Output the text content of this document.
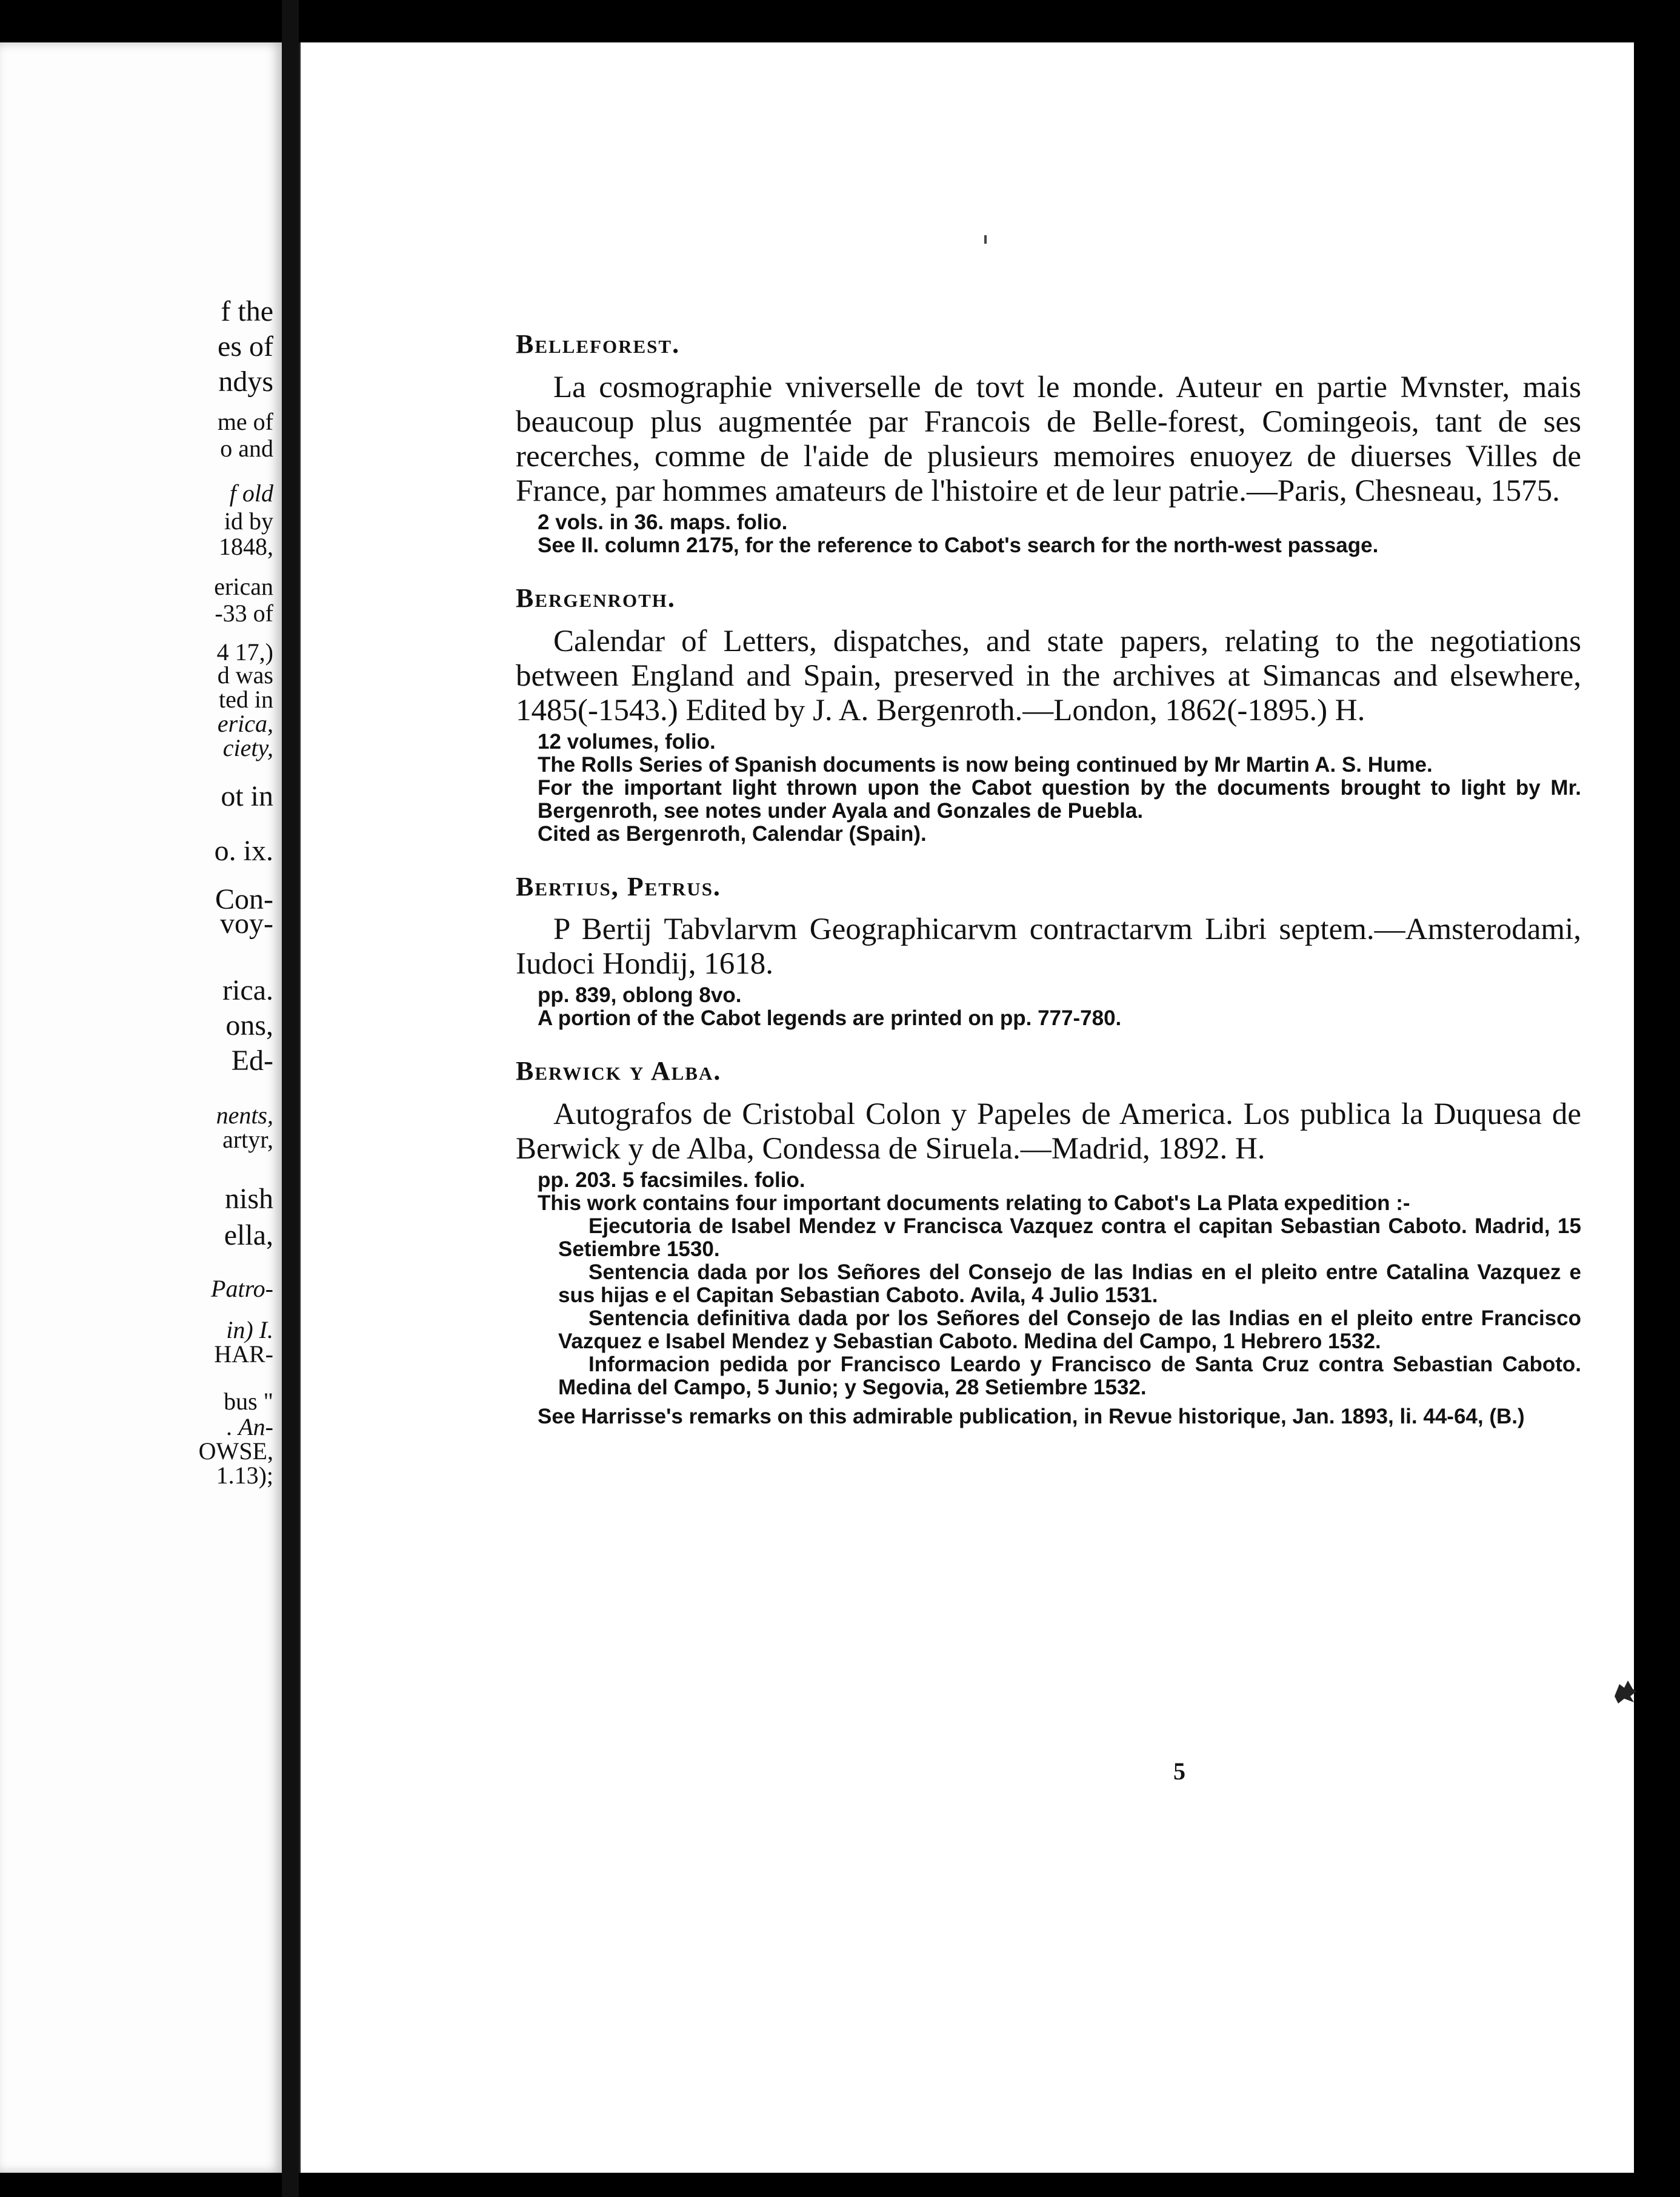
f the
es of
ndys
me of
o and
f old
id by
1848,
erican
-33 of
4 17,)
d was
ted in
erica,
ciety,
ot in
o. ix.
Con-
voy-
rica.
ons,
Ed-
nents,
artyr,
nish
ella,
Patro-
in) I.
HAR-
bus "
. An-
OWSE,
1.13);
Belleforest.

La cosmographie vniverselle de tovt le monde. Auteur en partie Mvnster, mais beaucoup plus augmentée par Francois de Belle-forest, Comingeois, tant de ses recerches, comme de l'aide de plusieurs memoires enuoyez de diuerses Villes de France, par hommes amateurs de l'histoire et de leur patrie.—Paris, Chesneau, 1575.

2 vols. in 36. maps. folio.

See II. column 2175, for the reference to Cabot's search for the north-west passage.

Bergenroth.

Calendar of Letters, dispatches, and state papers, relating to the negotiations between England and Spain, preserved in the archives at Simancas and elsewhere, 1485(-1543.) Edited by J. A. Bergenroth.—London, 1862(-1895.) H.

12 volumes, folio.

The Rolls Series of Spanish documents is now being continued by Mr Martin A. S. Hume.

For the important light thrown upon the Cabot question by the documents brought to light by Mr. Bergenroth, see notes under Ayala and Gonzales de Puebla.

Cited as Bergenroth, Calendar (Spain).

Bertius, Petrus.

P Bertij Tabvlarvm Geographicarvm contractarvm Libri septem.—Amsterodami, Iudoci Hondij, 1618.

pp. 839, oblong 8vo.

A portion of the Cabot legends are printed on pp. 777-780.

Berwick y Alba.

Autografos de Cristobal Colon y Papeles de America. Los publica la Duquesa de Berwick y de Alba, Condessa de Siruela.—Madrid, 1892. H.

pp. 203. 5 facsimiles. folio.

This work contains four important documents relating to Cabot's La Plata expedition :-

Ejecutoria de Isabel Mendez v Francisca Vazquez contra el capitan Sebastian Caboto. Madrid, 15 Setiembre 1530.

Sentencia dada por los Señores del Consejo de las Indias en el pleito entre Catalina Vazquez e sus hijas e el Capitan Sebastian Caboto. Avila, 4 Julio 1531.

Sentencia definitiva dada por los Señores del Consejo de las Indias en el pleito entre Francisco Vazquez e Isabel Mendez y Sebastian Caboto. Medina del Campo, 1 Hebrero 1532.

Informacion pedida por Francisco Leardo y Francisco de Santa Cruz contra Sebastian Caboto. Medina del Campo, 5 Junio; y Segovia, 28 Setiembre 1532.

See Harrisse's remarks on this admirable publication, in Revue historique, Jan. 1893, li. 44-64, (B.)

5
